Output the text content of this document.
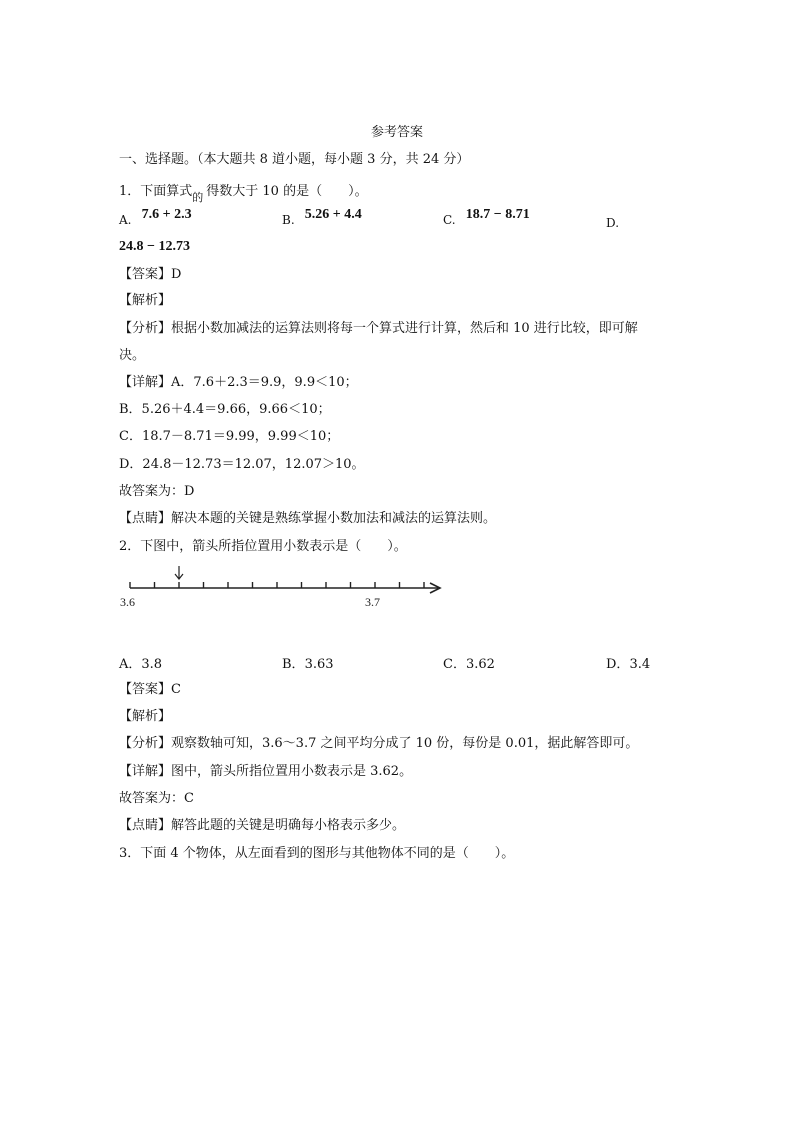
参考答案
一、选择题。（本大题共 8 道小题，每小题 3 分，共 24 分）
1．下面算式 的 得数大于 10 的是（　　）。
A. 7.6 + 2.3	B. 5.26 + 4.4	C. 18.7 − 8.71
D.
24.8 − 12.73
【答案】D
【解析】
【分析】根据小数加减法的运算法则将每一个算式进行计算，然后和 10 进行比较，即可解
决。
【详解】A．7.6＋2.3＝9.9，9.9＜10；
B．5.26＋4.4＝9.66，9.66＜10；
C．18.7－8.71＝9.99，9.99＜10；
D．24.8－12.73＝12.07，12.07＞10。
故答案为：D
【点睛】解决本题的关键是熟练掌握小数加法和减法的运算法则。
2．下图中，箭头所指位置用小数表示是（　　）。
3.6	3.7
A．3.8	B．3.63	C．3.62	D．3.4
【答案】C
【解析】
【分析】观察数轴可知，3.6～3.7 之间平均分成了 10 份，每份是 0.01，据此解答即可。
【详解】图中，箭头所指位置用小数表示是 3.62。
故答案为：C
【点睛】解答此题的关键是明确每小格表示多少。
3．下面 4 个物体，从左面看到的图形与其他物体不同的是（　　）。
